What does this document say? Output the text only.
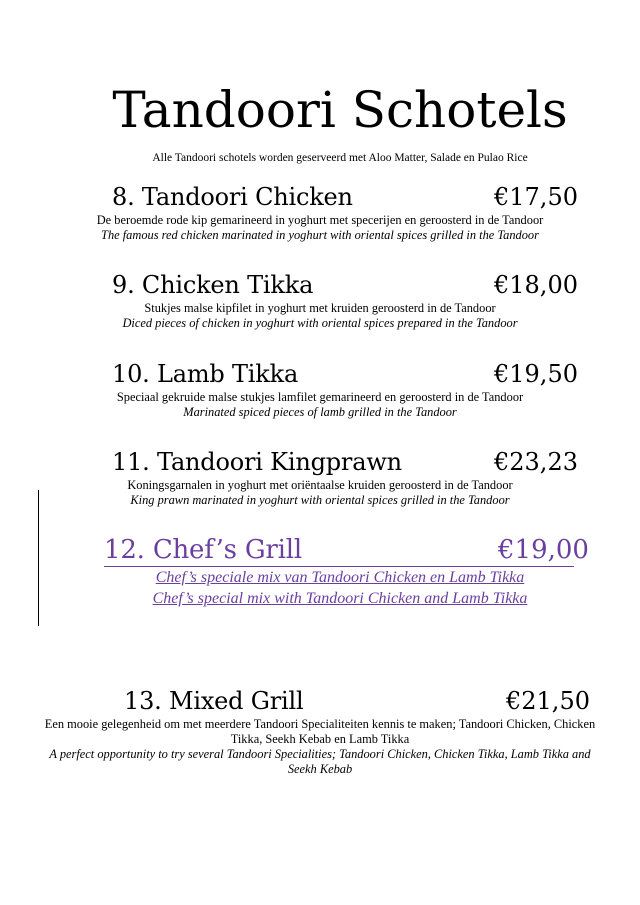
Tandoori Schotels
Alle Tandoori schotels worden geserveerd met Aloo Matter, Salade en Pulao Rice
8. Tandoori Chicken	€17,50

De beroemde rode kip gemarineerd in yoghurt met specerijen en geroosterd in de Tandoor

The famous red chicken marinated in yoghurt with oriental spices grilled in the Tandoor

9. Chicken Tikka	€18,00

Stukjes malse kipfilet in yoghurt met kruiden geroosterd in de Tandoor

Diced pieces of chicken in yoghurt with oriental spices prepared in the Tandoor

10. Lamb Tikka	€19,50

Speciaal gekruide malse stukjes lamfilet gemarineerd en geroosterd in de Tandoor

Marinated spiced pieces of lamb grilled in the Tandoor

11. Tandoori Kingprawn	€23,23

Koningsgarnalen in yoghurt met oriëntaalse kruiden geroosterd in de Tandoor

King prawn marinated in yoghurt with oriental spices grilled in the Tandoor

12. Chef’s Grill	€19,00

Chef’s speciale mix van Tandoori Chicken en Lamb Tikka

Chef’s special mix with Tandoori Chicken and Lamb Tikka

13. Mixed Grill	€21,50

Een mooie gelegenheid om met meerdere Tandoori Specialiteiten kennis te maken; Tandoori Chicken, Chicken Tikka, Seekh Kebab en Lamb Tikka

A perfect opportunity to try several Tandoori Specialities; Tandoori Chicken, Chicken Tikka, Lamb Tikka and Seekh Kebab
